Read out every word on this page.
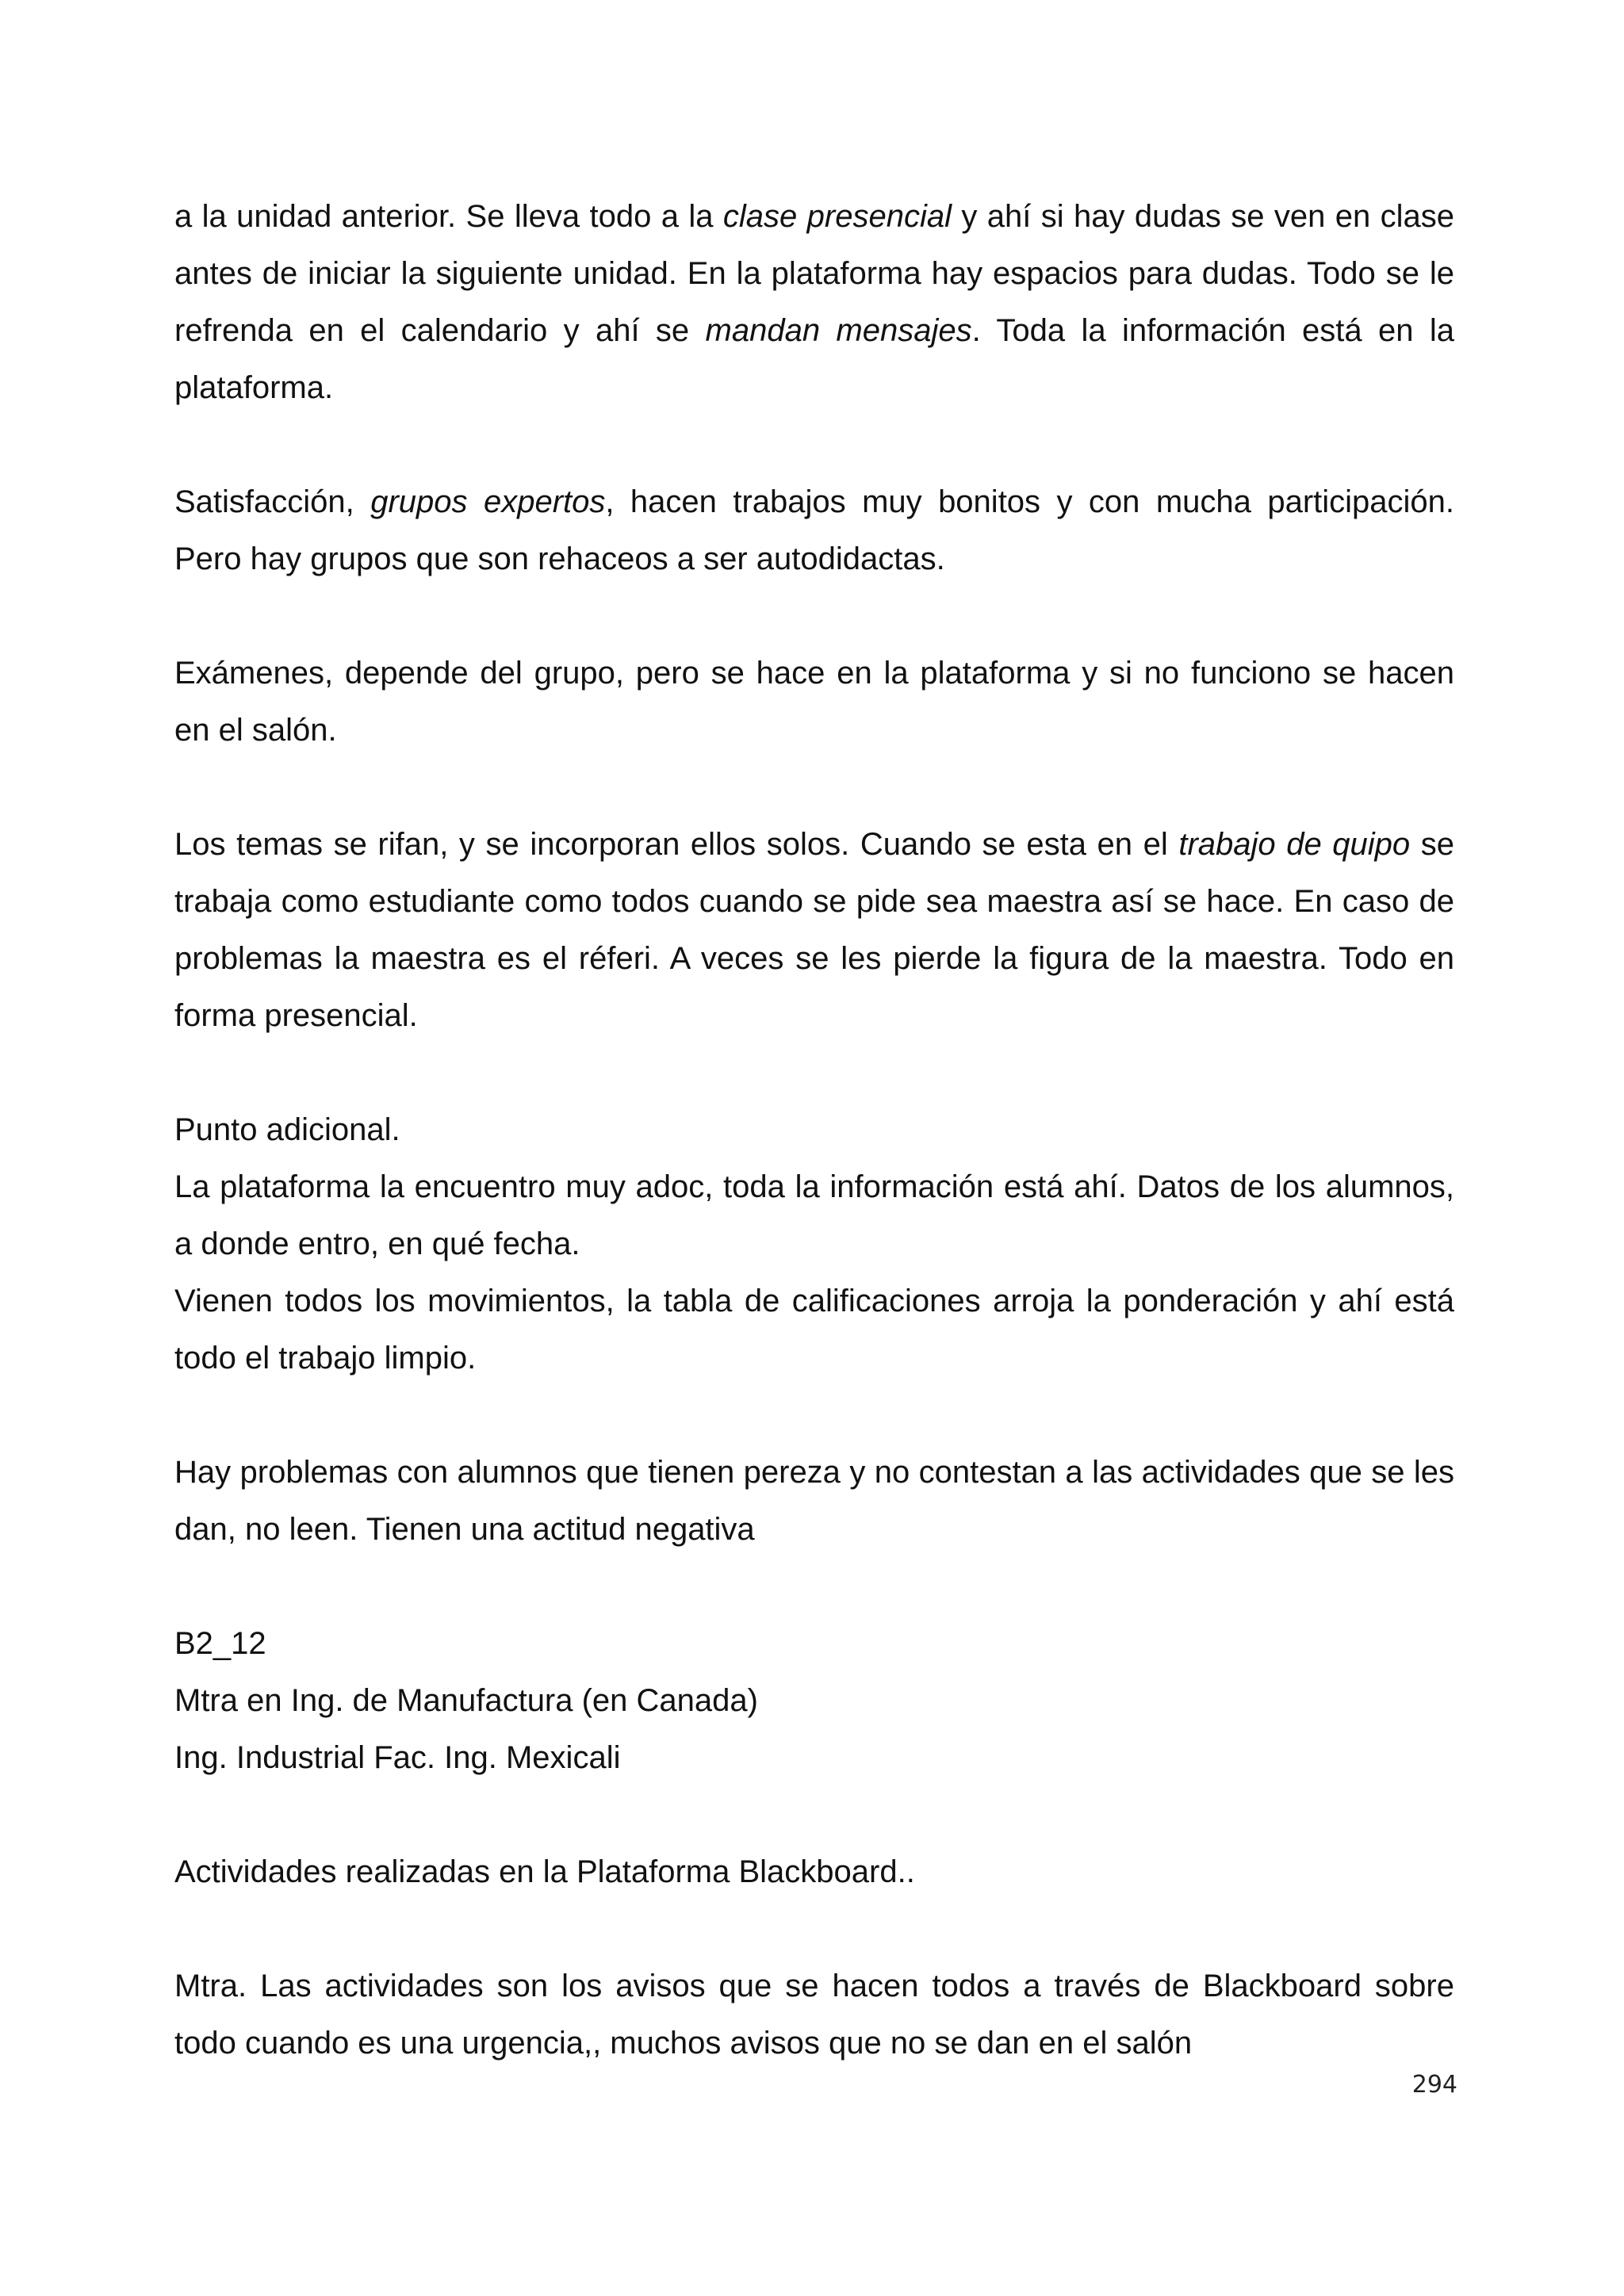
a la unidad anterior. Se lleva todo a la clase presencial y ahí si hay dudas se ven en clase antes de iniciar la siguiente unidad. En la plataforma hay espacios para dudas. Todo se le refrenda en el calendario y ahí se mandan mensajes. Toda la información está en la plataforma.

Satisfacción, grupos expertos, hacen trabajos muy bonitos y con mucha participación. Pero hay grupos que son rehaceos a ser autodidactas.

Exámenes, depende del grupo, pero se hace en la plataforma y si no funciono se hacen en el salón.

Los temas se rifan, y se incorporan ellos solos. Cuando se esta en el trabajo de quipo se trabaja como estudiante como todos cuando se pide sea maestra así se hace. En caso de problemas la maestra es el réferi. A veces se les pierde la figura de la maestra. Todo en forma presencial.

Punto adicional.

La plataforma la encuentro muy adoc, toda la información está ahí. Datos de los alumnos, a donde entro, en qué fecha.

Vienen todos los movimientos, la tabla de calificaciones arroja la ponderación y ahí está todo el trabajo limpio.

Hay problemas con alumnos que tienen pereza y no contestan a las actividades que se les dan, no leen. Tienen una actitud negativa

B2_12
Mtra en Ing. de Manufactura (en Canada)
Ing. Industrial Fac. Ing. Mexicali

Actividades realizadas en la Plataforma Blackboard..

Mtra. Las actividades son los avisos que se hacen todos a través de Blackboard sobre todo cuando es una urgencia,, muchos avisos que no se dan en el salón

294
